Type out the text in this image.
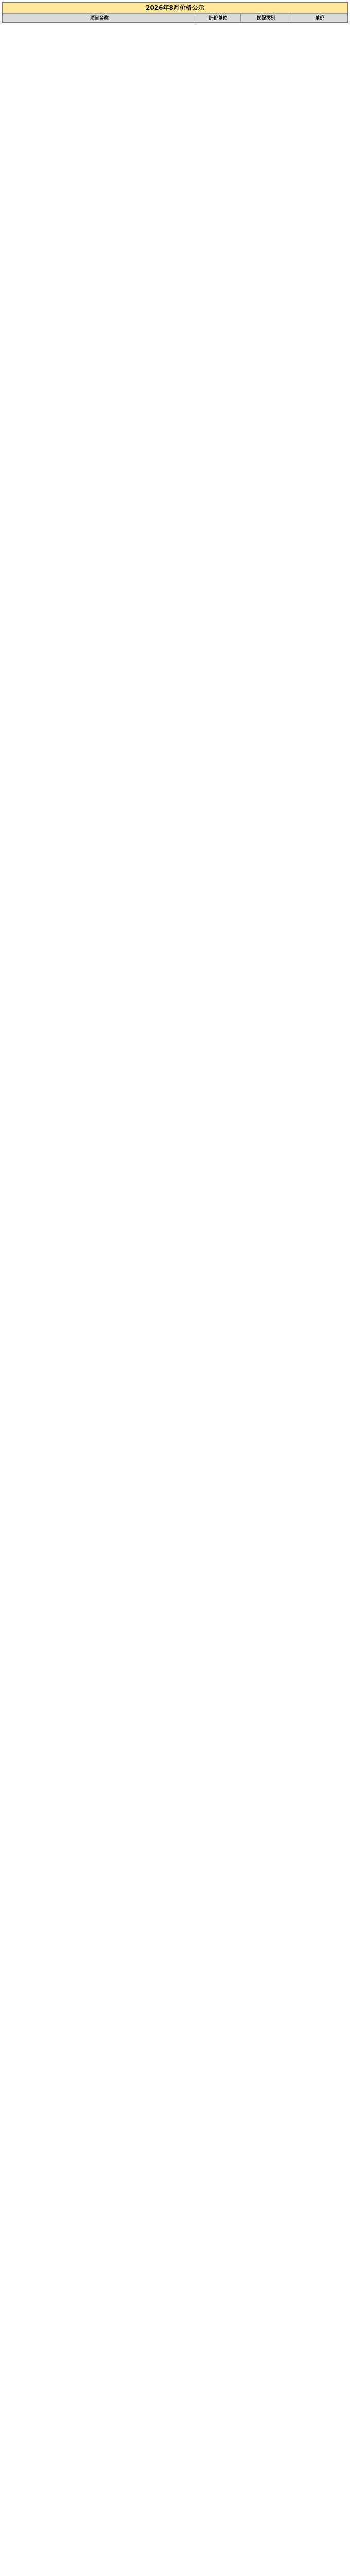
2026年8月价格公示
项目名称	计价单位	医保类别	单价
